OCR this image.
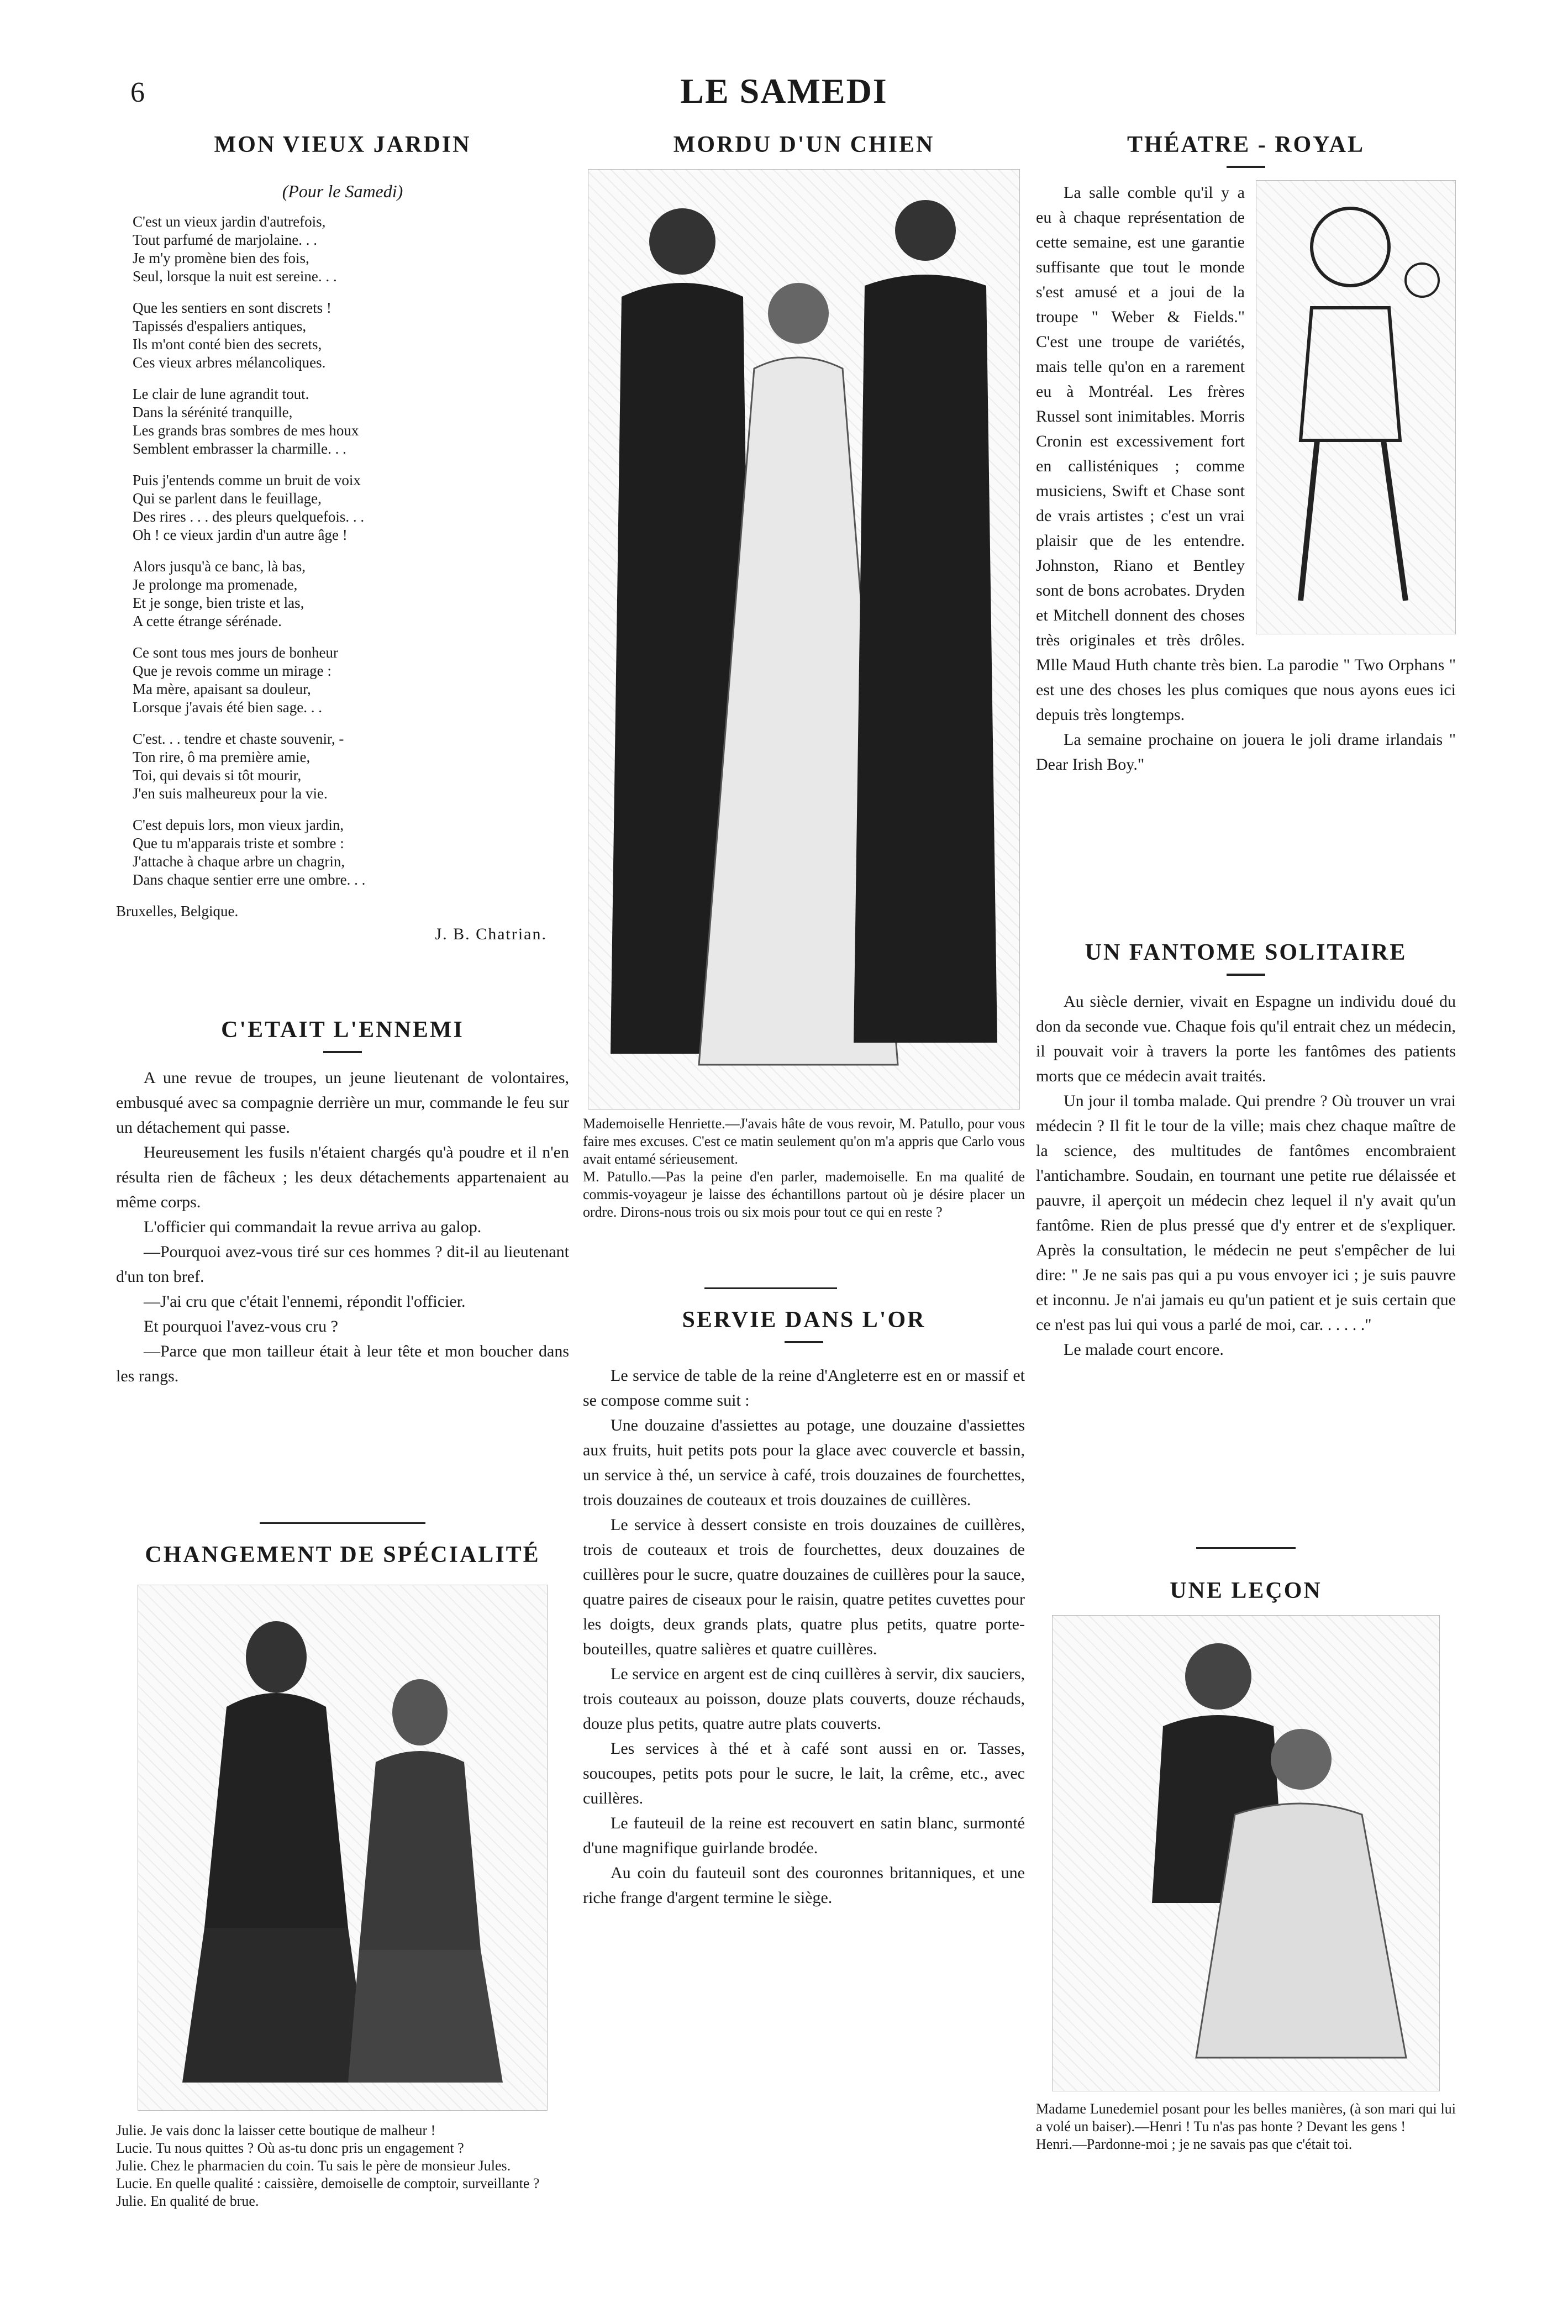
6	LE SAMEDI
MON VIEUX JARDIN
(Pour le Samedi)
C'est un vieux jardin d'autrefois,
Tout parfumé de marjolaine. . .
Je m'y promène bien des fois,
Seul, lorsque la nuit est sereine. . .
Que les sentiers en sont discrets !
Tapissés d'espaliers antiques,
Ils m'ont conté bien des secrets,
Ces vieux arbres mélancoliques.
Le clair de lune agrandit tout.
Dans la sérénité tranquille,
Les grands bras sombres de mes houx
Semblent embrasser la charmille. . .
Puis j'entends comme un bruit de voix
Qui se parlent dans le feuillage,
Des rires . . . des pleurs quelquefois. . .
Oh ! ce vieux jardin d'un autre âge !
Alors jusqu'à ce banc, là bas,
Je prolonge ma promenade,
Et je songe, bien triste et las,
A cette étrange sérénade.
Ce sont tous mes jours de bonheur
Que je revois comme un mirage :
Ma mère, apaisant sa douleur,
Lorsque j'avais été bien sage. . .
C'est. . . tendre et chaste souvenir, -
Ton rire, ô ma première amie,
Toi, qui devais si tôt mourir,
J'en suis malheureux pour la vie.
C'est depuis lors, mon vieux jardin,
Que tu m'apparais triste et sombre :
J'attache à chaque arbre un chagrin,
Dans chaque sentier erre une ombre. . .
Bruxelles, Belgique.
J. B. Chatrian.
C'ETAIT L'ENNEMI

A une revue de troupes, un jeune lieutenant de volontaires, embusqué avec sa compagnie derrière un mur, commande le feu sur un détachement qui passe.

Heureusement les fusils n'étaient chargés qu'à poudre et il n'en résulta rien de fâcheux ; les deux détachements appartenaient au même corps.

L'officier qui commandait la revue arriva au galop.

—Pourquoi avez-vous tiré sur ces hommes ? dit-il au lieutenant d'un ton bref.

—J'ai cru que c'était l'ennemi, répondit l'officier.

Et pourquoi l'avez-vous cru ?

—Parce que mon tailleur était à leur tête et mon boucher dans les rangs.

CHANGEMENT DE SPÉCIALITÉ

Julie. Je vais donc la laisser cette boutique de malheur !

Lucie. Tu nous quittes ? Où as-tu donc pris un engagement ?

Julie. Chez le pharmacien du coin. Tu sais le père de monsieur Jules.

Lucie. En quelle qualité : caissière, demoiselle de comptoir, surveillante ?

Julie. En qualité de brue.

MORDU D'UN CHIEN

Mademoiselle Henriette.—J'avais hâte de vous revoir, M. Patullo, pour vous faire mes excuses. C'est ce matin seulement qu'on m'a appris que Carlo vous avait entamé sérieusement.

M. Patullo.—Pas la peine d'en parler, mademoiselle. En ma qualité de commis-voyageur je laisse des échantillons partout où je désire placer un ordre. Dirons-nous trois ou six mois pour tout ce qui en reste ?

SERVIE DANS L'OR

Le service de table de la reine d'Angleterre est en or massif et se compose comme suit :

Une douzaine d'assiettes au potage, une douzaine d'assiettes aux fruits, huit petits pots pour la glace avec couvercle et bassin, un service à thé, un service à café, trois douzaines de fourchettes, trois douzaines de couteaux et trois douzaines de cuillères.

Le service à dessert consiste en trois douzaines de cuillères, trois de couteaux et trois de fourchettes, deux douzaines de cuillères pour le sucre, quatre douzaines de cuillères pour la sauce, quatre paires de ciseaux pour le raisin, quatre petites cuvettes pour les doigts, deux grands plats, quatre plus petits, quatre porte-bouteilles, quatre salières et quatre cuillères.

Le service en argent est de cinq cuillères à servir, dix sauciers, trois couteaux au poisson, douze plats couverts, douze réchauds, douze plus petits, quatre autre plats couverts.

Les services à thé et à café sont aussi en or. Tasses, soucoupes, petits pots pour le sucre, le lait, la crême, etc., avec cuillères.

Le fauteuil de la reine est recouvert en satin blanc, surmonté d'une magnifique guirlande brodée.

Au coin du fauteuil sont des couronnes britanniques, et une riche frange d'argent termine le siège.

THÉATRE - ROYAL

La salle comble qu'il y a eu à chaque représentation de cette semaine, est une garantie suffisante que tout le monde s'est amusé et a joui de la troupe " Weber & Fields." C'est une troupe de variétés, mais telle qu'on en a rarement eu à Montréal. Les frères Russel sont inimitables. Morris Cronin est excessivement fort en callisténiques ; comme musiciens, Swift et Chase sont de vrais artistes ; c'est un vrai plaisir que de les entendre. Johnston, Riano et Bentley sont de bons acrobates. Dryden et Mitchell donnent des choses très originales et très drôles. Mlle Maud Huth chante très bien. La parodie " Two Orphans " est une des choses les plus comiques que nous ayons eues ici depuis très longtemps.

La semaine prochaine on jouera le joli drame irlandais " Dear Irish Boy."

UN FANTOME SOLITAIRE

Au siècle dernier, vivait en Espagne un individu doué du don da seconde vue. Chaque fois qu'il entrait chez un médecin, il pouvait voir à travers la porte les fantômes des patients morts que ce médecin avait traités.

Un jour il tomba malade. Qui prendre ? Où trouver un vrai médecin ? Il fit le tour de la ville; mais chez chaque maître de la science, des multitudes de fantômes encombraient l'antichambre. Soudain, en tournant une petite rue délaissée et pauvre, il aperçoit un médecin chez lequel il n'y avait qu'un fantôme. Rien de plus pressé que d'y entrer et de s'expliquer. Après la consultation, le médecin ne peut s'empêcher de lui dire: " Je ne sais pas qui a pu vous envoyer ici ; je suis pauvre et inconnu. Je n'ai jamais eu qu'un patient et je suis certain que ce n'est pas lui qui vous a parlé de moi, car. . . . . ."

Le malade court encore.

UNE LEÇON

Madame Lunedemiel posant pour les belles manières, (à son mari qui lui a volé un baiser).—Henri ! Tu n'as pas honte ? Devant les gens !

Henri.—Pardonne-moi ; je ne savais pas que c'était toi.
